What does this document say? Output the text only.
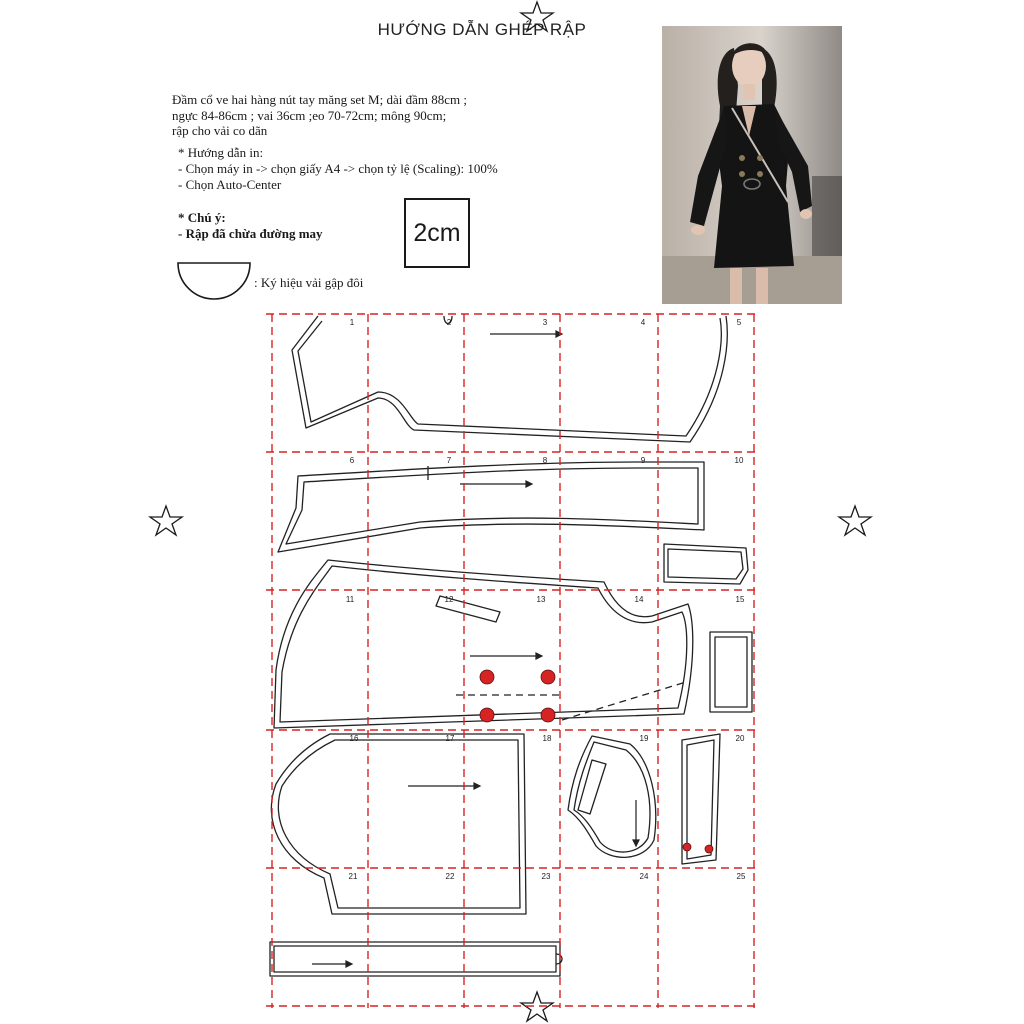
HƯỚNG DẪN GHÉP RẬP
Đầm cổ ve hai hàng nút tay măng set M; dài đầm 88cm ;
ngực 84-86cm ; vai 36cm ;eo 70-72cm; mông 90cm;
rập cho vải co dãn
* Hướng dẫn in:
- Chọn máy in -> chọn giấy A4 -> chọn tỷ lệ (Scaling): 100%
- Chọn Auto-Center
* Chú ý:
- Rập đã chừa đường may	2cm
: Ký hiệu vải gập đôi
1	2	3	4	5
6	7	8	9	10
11	12	13	14	15
16	17	18	19	20
21	22	23	24	25
